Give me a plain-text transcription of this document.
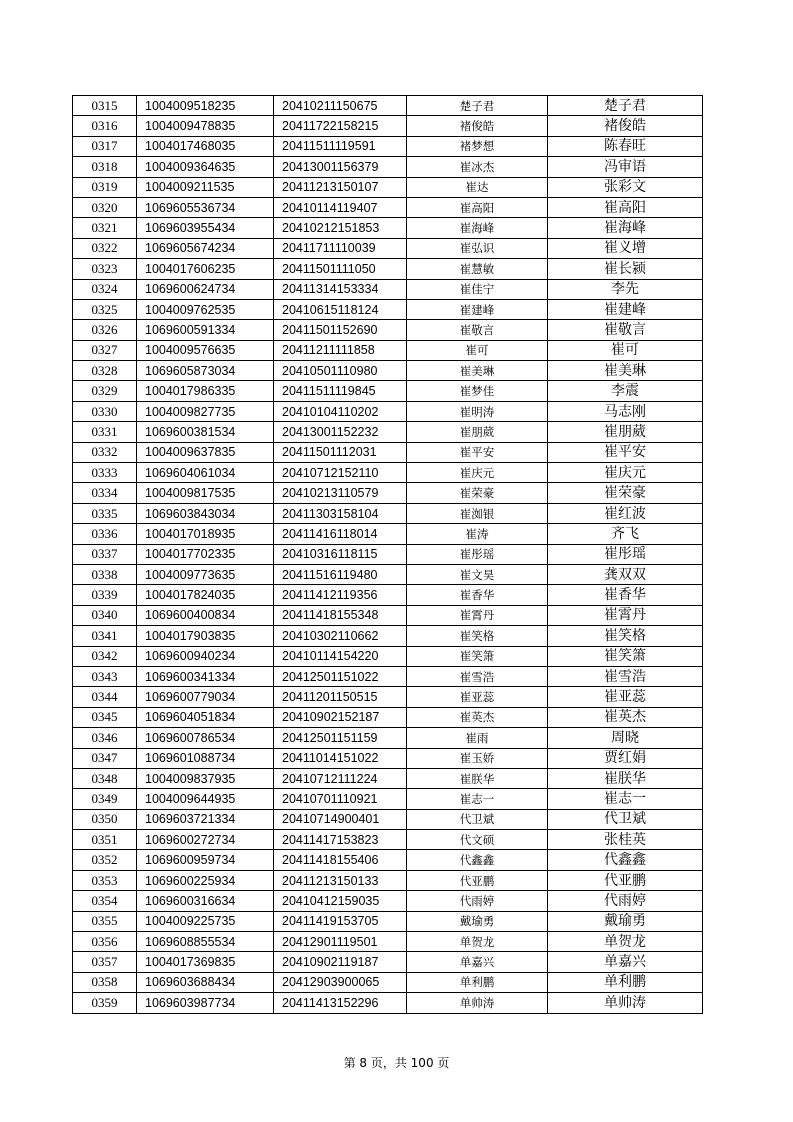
0315	1004009518235	20410211150675	楚子君	楚子君
0316	1004009478835	20411722158215	褚俊皓	褚俊皓
0317	1004017468035	20411511119591	褚梦想	陈春旺
0318	1004009364635	20413001156379	崔冰杰	冯审语
0319	1004009211535	20411213150107	崔达	张彩文
0320	1069605536734	20410114119407	崔高阳	崔高阳
0321	1069603955434	20410212151853	崔海峰	崔海峰
0322	1069605674234	20411711110039	崔弘识	崔义增
0323	1004017606235	20411501111050	崔慧敏	崔长颍
0324	1069600624734	20411314153334	崔佳宁	李先
0325	1004009762535	20410615118124	崔建峰	崔建峰
0326	1069600591334	20411501152690	崔敬言	崔敬言
0327	1004009576635	20411211111858	崔可	崔可
0328	1069605873034	20410501110980	崔美琳	崔美琳
0329	1004017986335	20411511119845	崔梦佳	李震
0330	1004009827735	20410104110202	崔明涛	马志刚
0331	1069600381534	20413001152232	崔朋葳	崔朋葳
0332	1004009637835	20411501112031	崔平安	崔平安
0333	1069604061034	20410712152110	崔庆元	崔庆元
0334	1004009817535	20410213110579	崔荣豪	崔荣豪
0335	1069603843034	20411303158104	崔洳银	崔红波
0336	1004017018935	20411416118014	崔涛	齐飞
0337	1004017702335	20410316118115	崔彤瑶	崔彤瑶
0338	1004009773635	20411516119480	崔文昊	龚双双
0339	1004017824035	20411412119356	崔香华	崔香华
0340	1069600400834	20411418155348	崔霄丹	崔霄丹
0341	1004017903835	20410302110662	崔笑格	崔笑格
0342	1069600940234	20410114154220	崔笑箫	崔笑箫
0343	1069600341334	20412501151022	崔雪浩	崔雪浩
0344	1069600779034	20411201150515	崔亚蕊	崔亚蕊
0345	1069604051834	20410902152187	崔英杰	崔英杰
0346	1069600786534	20412501151159	崔雨	周晓
0347	1069601088734	20411014151022	崔玉娇	贾红娟
0348	1004009837935	20410712111224	崔朕华	崔朕华
0349	1004009644935	20410701110921	崔志一	崔志一
0350	1069603721334	20410714900401	代卫斌	代卫斌
0351	1069600272734	20411417153823	代文硕	张桂英
0352	1069600959734	20411418155406	代鑫鑫	代鑫鑫
0353	1069600225934	20411213150133	代亚鹏	代亚鹏
0354	1069600316634	20410412159035	代雨婷	代雨婷
0355	1004009225735	20411419153705	戴瑜勇	戴瑜勇
0356	1069608855534	20412901119501	单贺龙	单贺龙
0357	1004017369835	20410902119187	单嘉兴	单嘉兴
0358	1069603688434	20412903900065	单利鹏	单利鹏
0359	1069603987734	20411413152296	单帅涛	单帅涛
第 8 页，共 100 页
